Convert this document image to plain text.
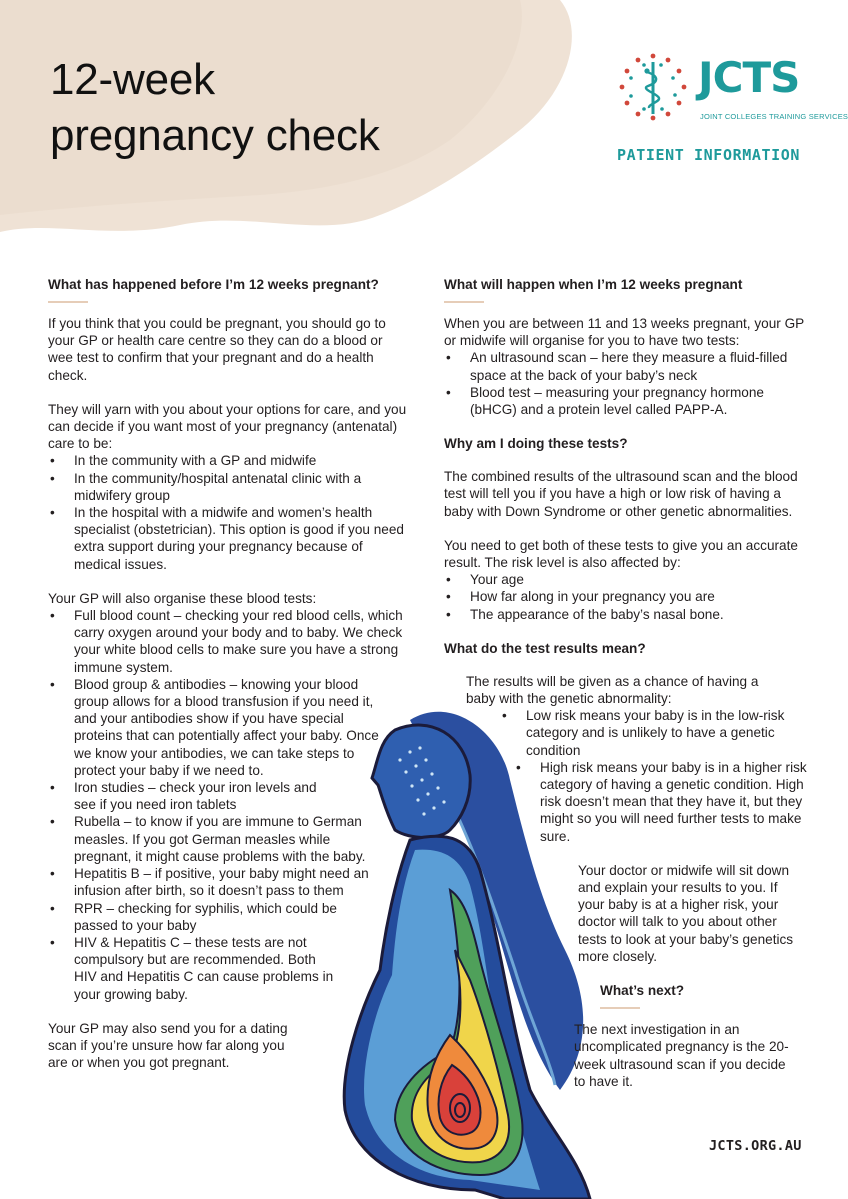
12-week
pregnancy check
JCTS
JOINT COLLEGES TRAINING SERVICES
PATIENT INFORMATION
What has happened before I’m 12 weeks pregnant?

If you think that you could be pregnant, you should go to your GP or health care centre so they can do a blood or wee test to confirm that your pregnant and do a health check.

They will yarn with you about your options for care, and you can decide if you want most of your pregnancy (antenatal) care to be:

• In the community with a GP and midwife
• In the community/hospital antenatal clinic with a midwifery group
• In the hospital with a midwife and women’s health specialist (obstetrician). This option is good if you need extra support during your pregnancy because of medical issues.

Your GP will also organise these blood tests:

• Full blood count – checking your red blood cells, which carry oxygen around your body and to baby. We check your white blood cells to make sure you have a strong immune system.
• Blood group & antibodies – knowing your blood group allows for a blood transfusion if you need it, and your antibodies show if you have special proteins that can potentially affect your baby. Once we know your antibodies, we can take steps to protect your baby if we need to.
• Iron studies – check your iron levels and see if you need iron tablets
• Rubella – to know if you are immune to German measles. If you got German measles while pregnant, it might cause problems with the baby.
• Hepatitis B – if positive, your baby might need an infusion after birth, so it doesn’t pass to them
• RPR – checking for syphilis, which could be passed to your baby
• HIV & Hepatitis C – these tests are not compulsory but are recommended. Both HIV and Hepatitis C can cause problems in your growing baby.

Your GP may also send you for a dating scan if you’re unsure how far along you are or when you got pregnant.

What will happen when I’m 12 weeks pregnant

When you are between 11 and 13 weeks pregnant, your GP or midwife will organise for you to have two tests:

• An ultrasound scan – here they measure a fluid-filled space at the back of your baby’s neck
• Blood test – measuring your pregnancy hormone (bHCG) and a protein level called PAPP-A.
Why am I doing these tests?

The combined results of the ultrasound scan and the blood test will tell you if you have a high or low risk of having a baby with Down Syndrome or other genetic abnormalities.

You need to get both of these tests to give you an accurate result. The risk level is also affected by:

• Your age
• How far along in your pregnancy you are
• The appearance of the baby’s nasal bone.
What do the test results mean?

The results will be given as a chance of having a baby with the genetic abnormality:

• Low risk means your baby is in the low-risk category and is unlikely to have a genetic condition
• High risk means your baby is in a higher risk category of having a genetic condition. High risk doesn’t mean that they have it, but they might so you will need further tests to make sure.

Your doctor or midwife will sit down and explain your results to you. If your baby is at a higher risk, your doctor will talk to you about other tests to look at your baby’s genetics more closely.

What’s next?

The next investigation in an uncomplicated pregnancy is the 20-week ultrasound scan if you decide to have it.

JCTS.ORG.AU
